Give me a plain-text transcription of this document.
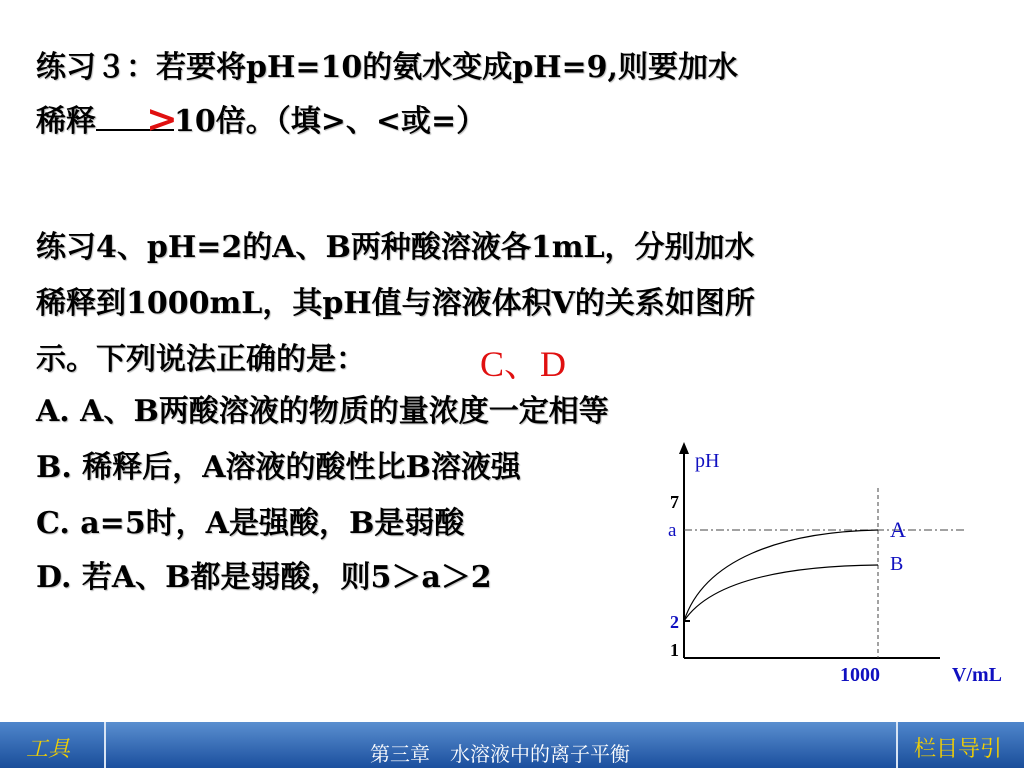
练习３：若要将pH=10的氨水变成pH=9,则要加水
稀释	10倍。（填>、<或=）
>
练习4、pH=2的A、B两种酸溶液各1mL，分别加水
稀释到1000mL，其pH值与溶液体积V的关系如图所
示。下列说法正确的是：	C、D
A. A、B两酸溶液的物质的量浓度一定相等
B. 稀释后，A溶液的酸性比B溶液强
C. a=5时，A是强酸，B是弱酸
D. 若A、B都是弱酸，则5＞a＞2
pH
7
a
2
1
1000	V/mL
A
B
工具	第三章　水溶液中的离子平衡	栏目导引
